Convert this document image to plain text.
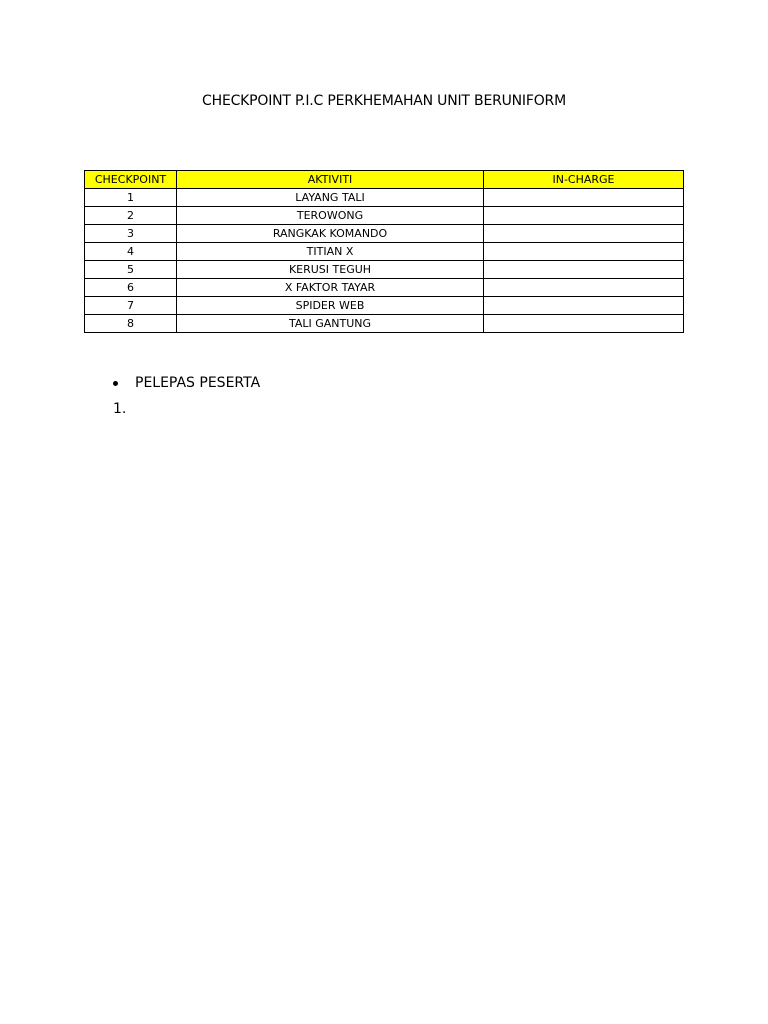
CHECKPOINT P.I.C PERKHEMAHAN UNIT BERUNIFORM
CHECKPOINT	AKTIVITI	IN-CHARGE
1	LAYANG TALI	
2	TEROWONG	
3	RANGKAK KOMANDO	
4	TITIAN X	
5	KERUSI TEGUH	
6	X FAKTOR TAYAR	
7	SPIDER WEB	
8	TALI GANTUNG	
PELEPAS PESERTA
1.
